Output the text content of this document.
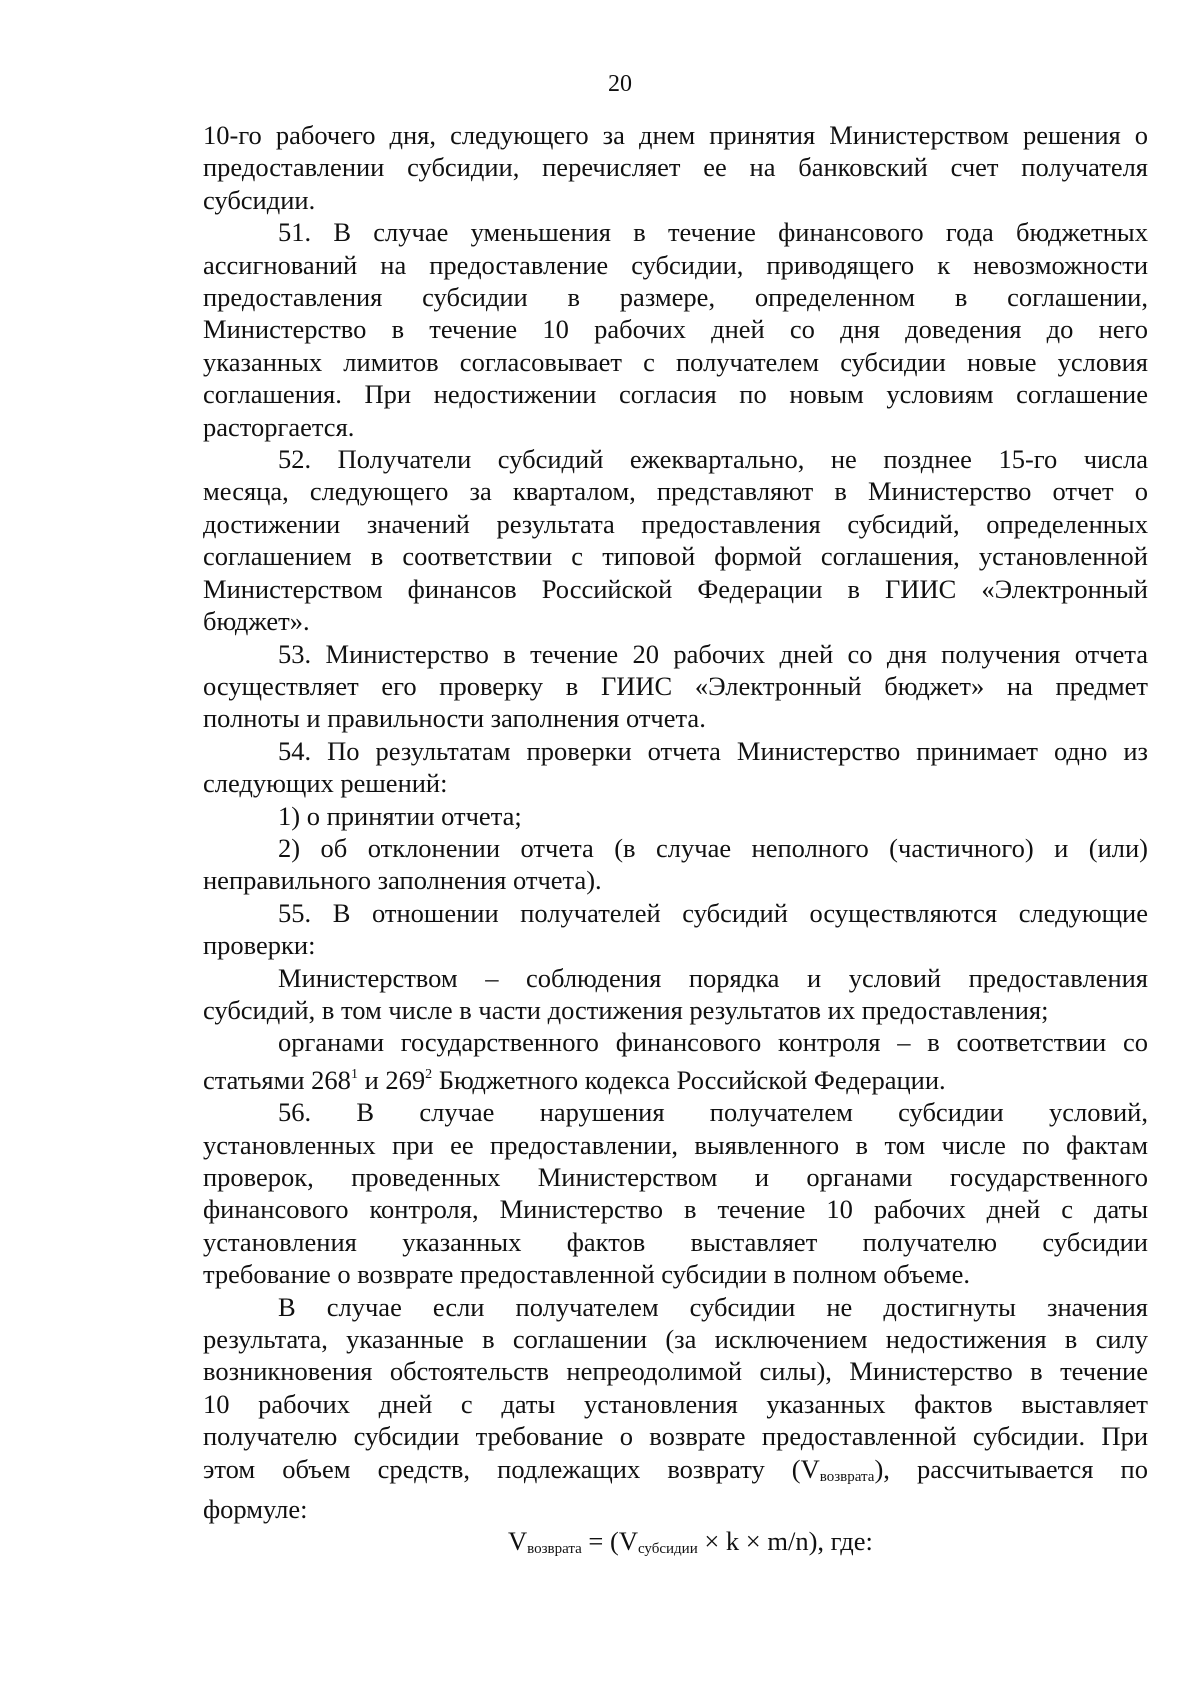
20

10-го рабочего дня, следующего за днем принятия Министерством решения о

предоставлении субсидии, перечисляет ее на банковский счет получателя

субсидии.

51. В случае уменьшения в течение финансового года бюджетных

ассигнований на предоставление субсидии, приводящего к невозможности

предоставления субсидии в размере, определенном в соглашении,

Министерство в течение 10 рабочих дней со дня доведения до него

указанных лимитов согласовывает с получателем субсидии новые условия

соглашения. При недостижении согласия по новым условиям соглашение

расторгается.

52. Получатели субсидий ежеквартально, не позднее 15-го числа

месяца, следующего за кварталом, представляют в Министерство отчет о

достижении значений результата предоставления субсидий, определенных

соглашением в соответствии с типовой формой соглашения, установленной

Министерством финансов Российской Федерации в ГИИС «Электронный

бюджет».

53. Министерство в течение 20 рабочих дней со дня получения отчета

осуществляет его проверку в ГИИС «Электронный бюджет» на предмет

полноты и правильности заполнения отчета.

54. По результатам проверки отчета Министерство принимает одно из

следующих решений:

1) о принятии отчета;

2) об отклонении отчета (в случае неполного (частичного) и (или)

неправильного заполнения отчета).

55. В отношении получателей субсидий осуществляются следующие

проверки:

Министерством – соблюдения порядка и условий предоставления

субсидий, в том числе в части достижения результатов их предоставления;

органами государственного финансового контроля – в соответствии со

статьями $268^1$ и $269^2$ Бюджетного кодекса Российской Федерации.

56. В случае нарушения получателем субсидии условий,

установленных при ее предоставлении, выявленного в том числе по фактам

проверок, проведенных Министерством и органами государственного

финансового контроля, Министерство в течение 10 рабочих дней с даты

установления указанных фактов выставляет получателю субсидии

требование о возврате предоставленной субсидии в полном объеме.

В случае если получателем субсидии не достигнуты значения

результата, указанные в соглашении (за исключением недостижения в силу

возникновения обстоятельств непреодолимой силы), Министерство в течение

10 рабочих дней с даты установления указанных фактов выставляет

получателю субсидии требование о возврате предоставленной субсидии. При

этом объем средств, подлежащих возврату $(V_{возврата})$, рассчитывается по

формуле:

$V_{возврата} = (V_{субсидии} \times k \times m/n)$, где:
